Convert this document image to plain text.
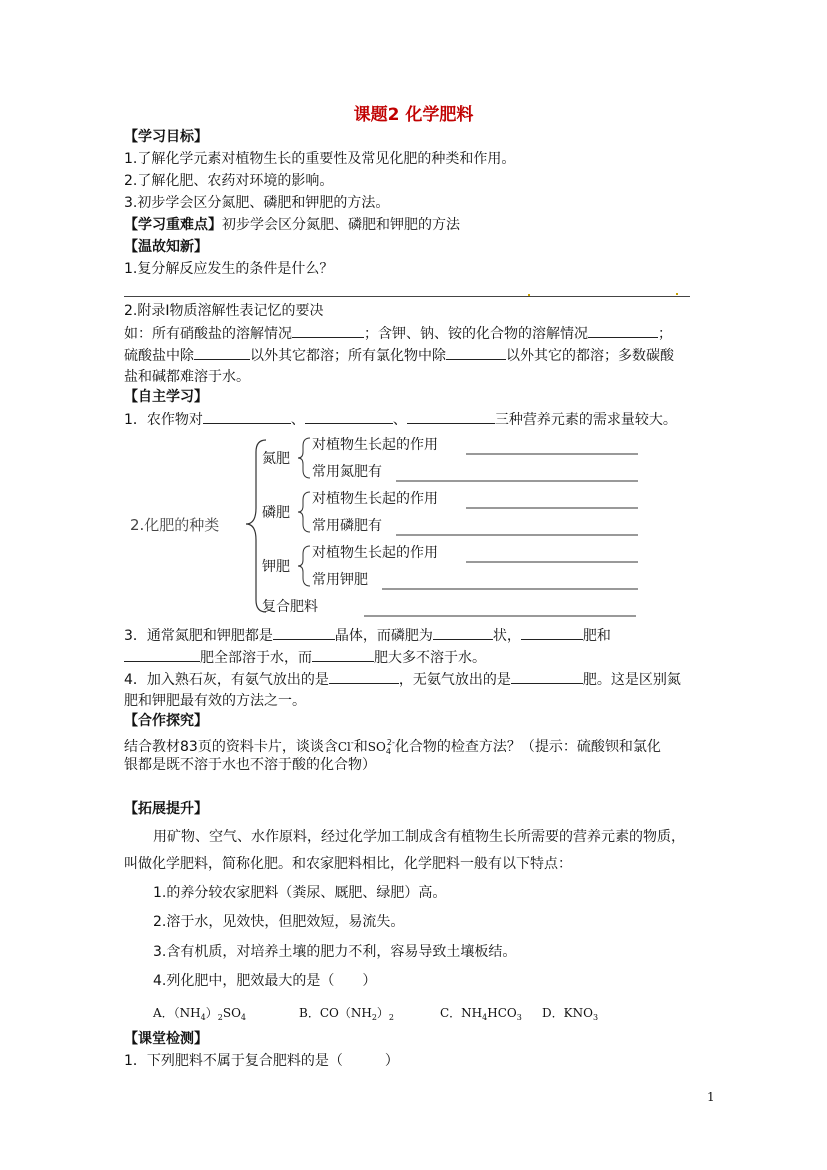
课题2 化学肥料
【学习目标】
1.了解化学元素对植物生长的重要性及常见化肥的种类和作用。
2.了解化肥、农药对环境的影响。
3.初步学会区分氮肥、磷肥和钾肥的方法。
【学习重难点】初步学会区分氮肥、磷肥和钾肥的方法
【温故知新】
1.复分解反应发生的条件是什么？
2.附录I物质溶解性表记忆的要决
如：所有硝酸盐的溶解情况	；含钾、钠、铵的化合物的溶解情况	；
硫酸盐中除	以外其它都溶；所有氯化物中除	以外其它的都溶；多数碳酸
盐和碱都难溶于水。
【自主学习】
1．农作物对	、	、	三种营养元素的需求量较大。
2.化肥的种类
氮肥
对植物生长起的作用
常用氮肥有
磷肥
对植物生长起的作用
常用磷肥有
钾肥
对植物生长起的作用
常用钾肥
复合肥料
3．通常氮肥和钾肥都是	晶体，而磷肥为	状，	肥和
肥全部溶于水，而	肥大多不溶于水。
4．加入熟石灰，有氨气放出的是	，无氨气放出的是	肥。这是区别氮
肥和钾肥最有效的方法之一。
【合作探究】
结合教材83页的资料卡片，谈谈含Cl-和$SO_4^{2-}$化合物的检查方法？（提示：硫酸钡和氯化
银都是既不溶于水也不溶于酸的化合物）
【拓展提升】
用矿物、空气、水作原料，经过化学加工制成含有植物生长所需要的营养元素的物质，
叫做化学肥料，简称化肥。和农家肥料相比，化学肥料一般有以下特点：
1.的养分较农家肥料（粪尿、厩肥、绿肥）高。
2.溶于水，见效快，但肥效短，易流失。
3.含有机质，对培养土壤的肥力不利，容易导致土壤板结。
4.列化肥中，肥效最大的是（　　）
A．$(NH_4)_2SO_4$	B．$CO(NH_2)_2$	C．$NH_4HCO_3$ D．$KNO_3$
【课堂检测】
1．下列肥料不属于复合肥料的是（　　　）
1
